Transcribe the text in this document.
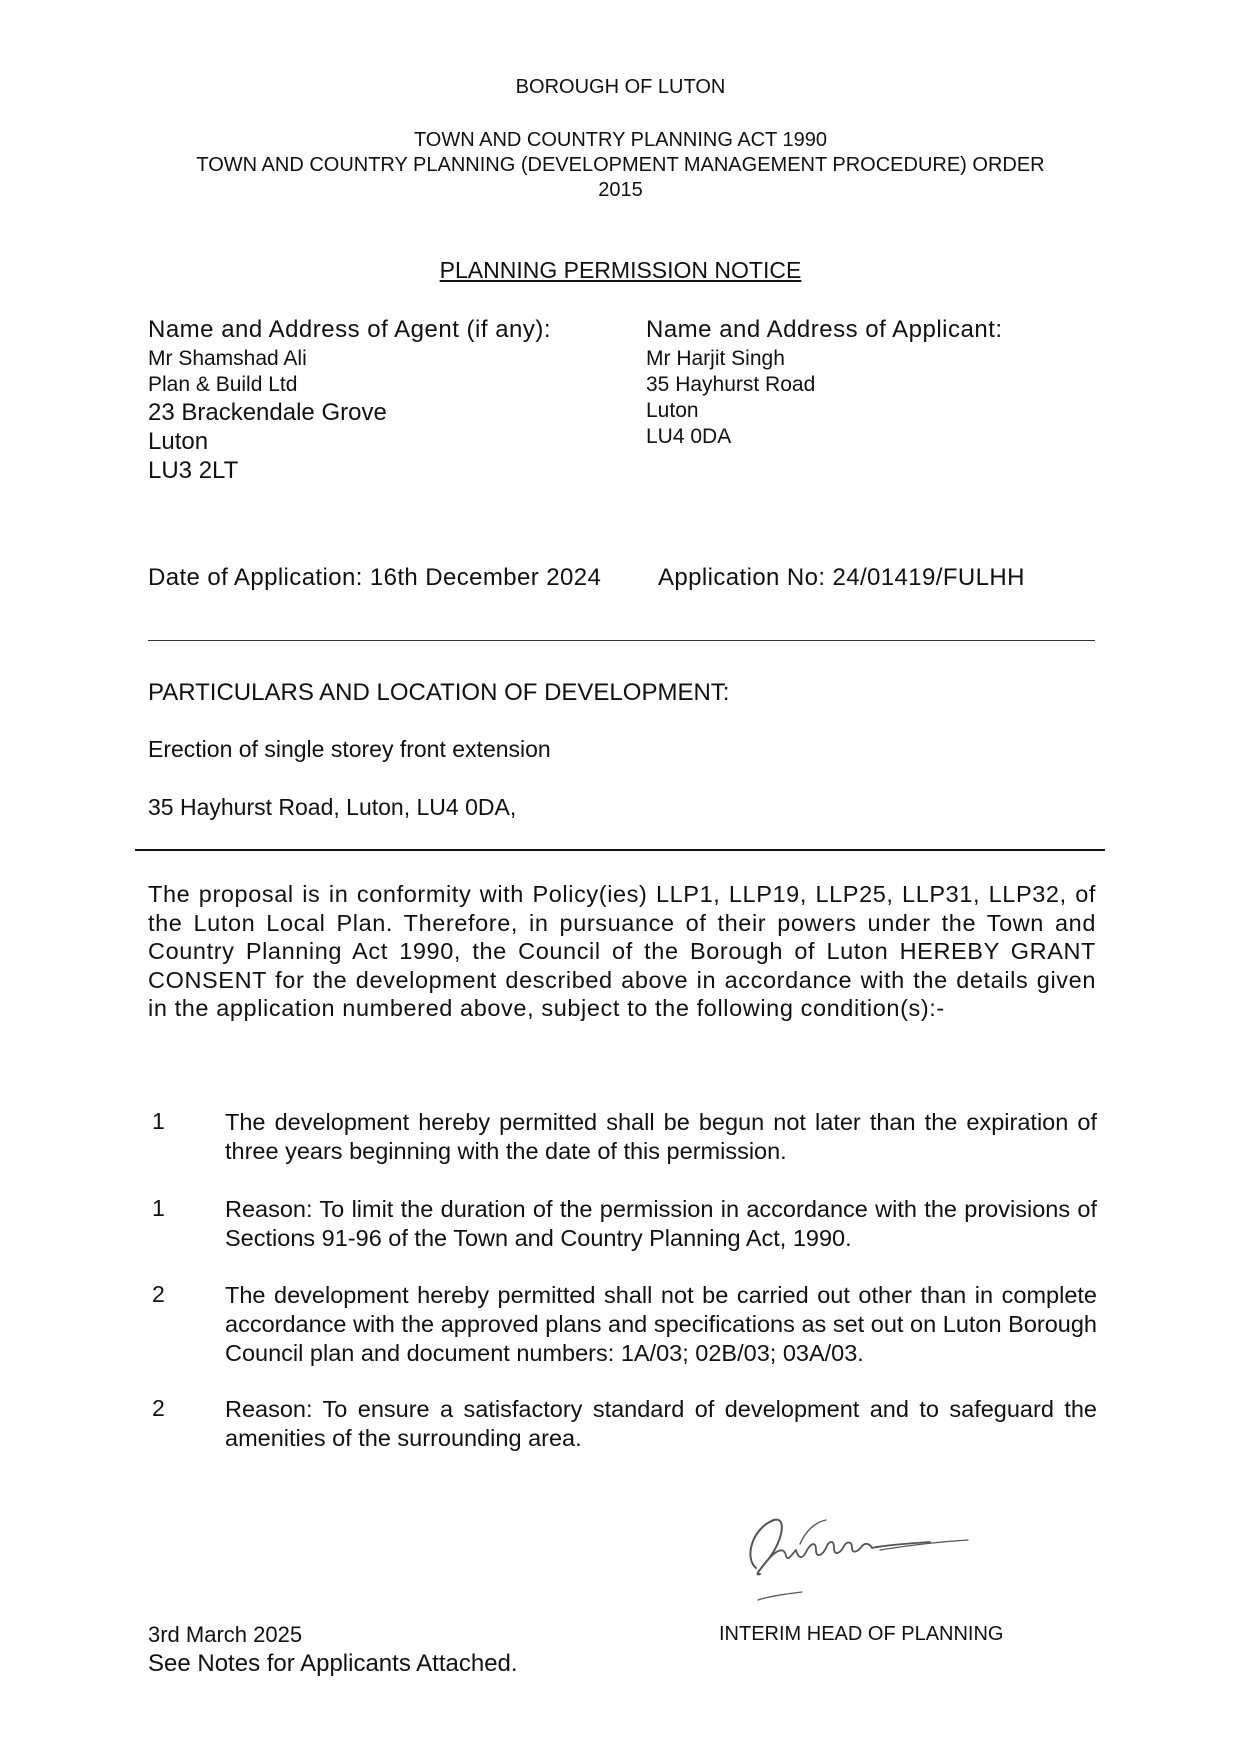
BOROUGH OF LUTON
TOWN AND COUNTRY PLANNING ACT 1990
TOWN AND COUNTRY PLANNING (DEVELOPMENT MANAGEMENT PROCEDURE) ORDER
2015
PLANNING PERMISSION NOTICE
Name and Address of Agent (if any):
Mr Shamshad Ali
Plan & Build Ltd
23 Brackendale Grove
Luton
LU3 2LT
Name and Address of Applicant:
Mr Harjit Singh
35 Hayhurst Road
Luton
LU4 0DA
Date of Application: 16th December 2024 Application No: 24/01419/FULHH
PARTICULARS AND LOCATION OF DEVELOPMENT:
Erection of single storey front extension
35 Hayhurst Road, Luton, LU4 0DA,
The proposal is in conformity with Policy(ies) LLP1, LLP19, LLP25, LLP31, LLP32, of the Luton Local Plan. Therefore, in pursuance of their powers under the Town and Country Planning Act 1990, the Council of the Borough of Luton HEREBY GRANT CONSENT for the development described above in accordance with the details given in the application numbered above, subject to the following condition(s):-
1	The development hereby permitted shall be begun not later than the expiration of three years beginning with the date of this permission.
1	Reason: To limit the duration of the permission in accordance with the provisions of Sections 91-96 of the Town and Country Planning Act, 1990.
2	The development hereby permitted shall not be carried out other than in complete accordance with the approved plans and specifications as set out on Luton Borough Council plan and document numbers: 1A/03; 02B/03; 03A/03.
2	Reason: To ensure a satisfactory standard of development and to safeguard the amenities of the surrounding area.
3rd March 2025
See Notes for Applicants Attached.
INTERIM HEAD OF PLANNING
